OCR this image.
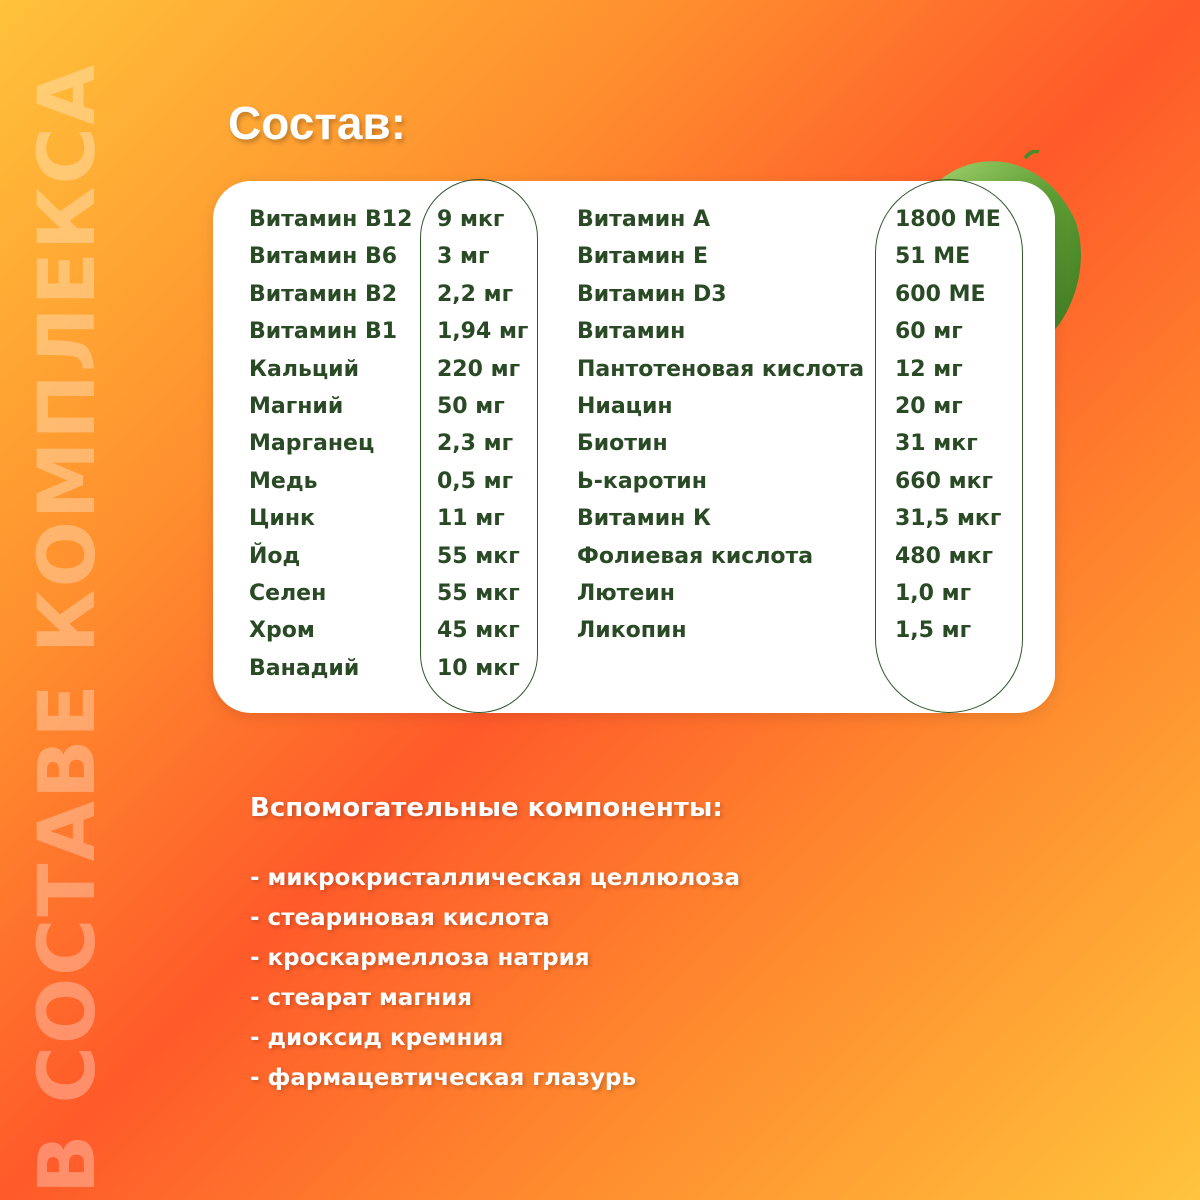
В СОСТАВЕ КОМПЛЕКСА	Состав:
Витамин В12 9 мкг
Витамин В6 3 мг
Витамин В2 2,2 мг
Витамин В1 1,94 мг
Кальций	220 мг
Магний	50 мг
Марганец	2,3 мг
Медь	0,5 мг
Цинк	11 мг
Йод	55 мкг
Селен	55 мкг
Хром	45 мкг
Ванадий	10 мкг
Витамин А	1800 МЕ
Витамин Е	51 МЕ
Витамин D3	600 МЕ
Витамин	60 мг
Пантотеновая кислота 12 мг
Ниацин	20 мг
Биотин	31 мкг
Ь-каротин	660 мкг
Витамин К	31,5 мкг
Фолиевая кислота	480 мкг
Лютеин	1,0 мг
Ликопин	1,5 мг
Вспомогательные компоненты:
- микрокристаллическая целлюлоза
- стеариновая кислота
- кроскармеллоза натрия
- стеарат магния
- диоксид кремния
- фармацевтическая глазурь
